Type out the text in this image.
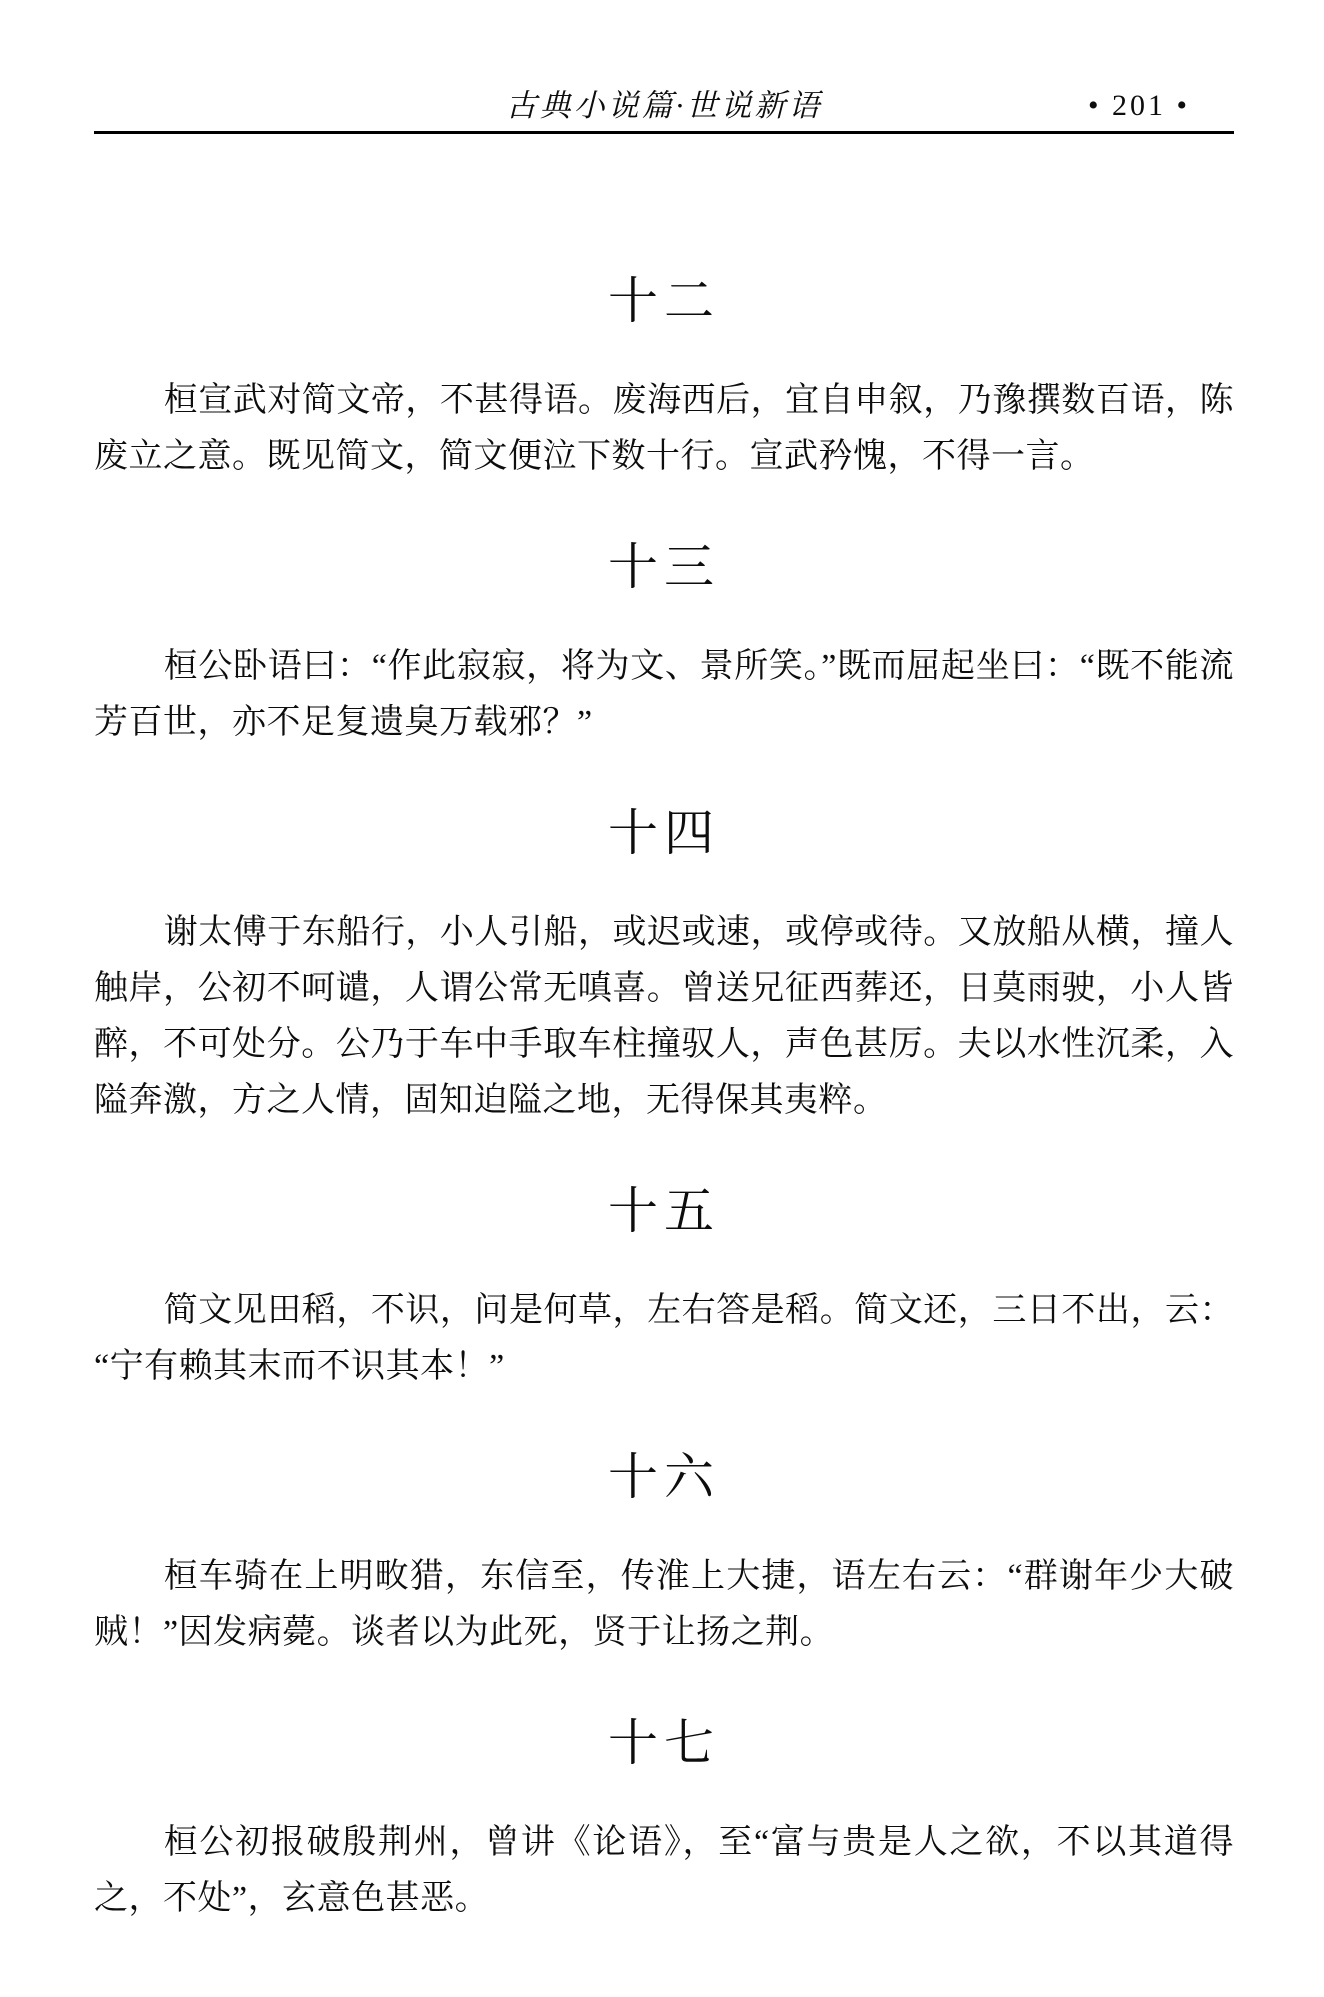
古典小说篇·世说新语	• 201 •
十二

桓宣武对简文帝，不甚得语。废海西后，宜自申叙，乃豫撰数百语，陈废立之意。既见简文，简文便泣下数十行。宣武矜愧，不得一言。

十三

桓公卧语曰：“作此寂寂，将为文、景所笑。”既而屈起坐曰：“既不能流芳百世，亦不足复遗臭万载邪？”

十四

谢太傅于东船行，小人引船，或迟或速，或停或待。又放船从横，撞人触岸，公初不呵谴，人谓公常无嗔喜。曾送兄征西葬还，日莫雨驶，小人皆醉，不可处分。公乃于车中手取车柱撞驭人，声色甚厉。夫以水性沉柔，入隘奔激，方之人情，固知迫隘之地，无得保其夷粹。

十五

简文见田稻，不识，问是何草，左右答是稻。简文还，三日不出，云：“宁有赖其末而不识其本！”

十六

桓车骑在上明畋猎，东信至，传淮上大捷，语左右云：“群谢年少大破贼！”因发病薨。谈者以为此死，贤于让扬之荆。

十七

桓公初报破殷荆州，曾讲《论语》，至“富与贵是人之欲，不以其道得之，不处”，玄意色甚恶。
